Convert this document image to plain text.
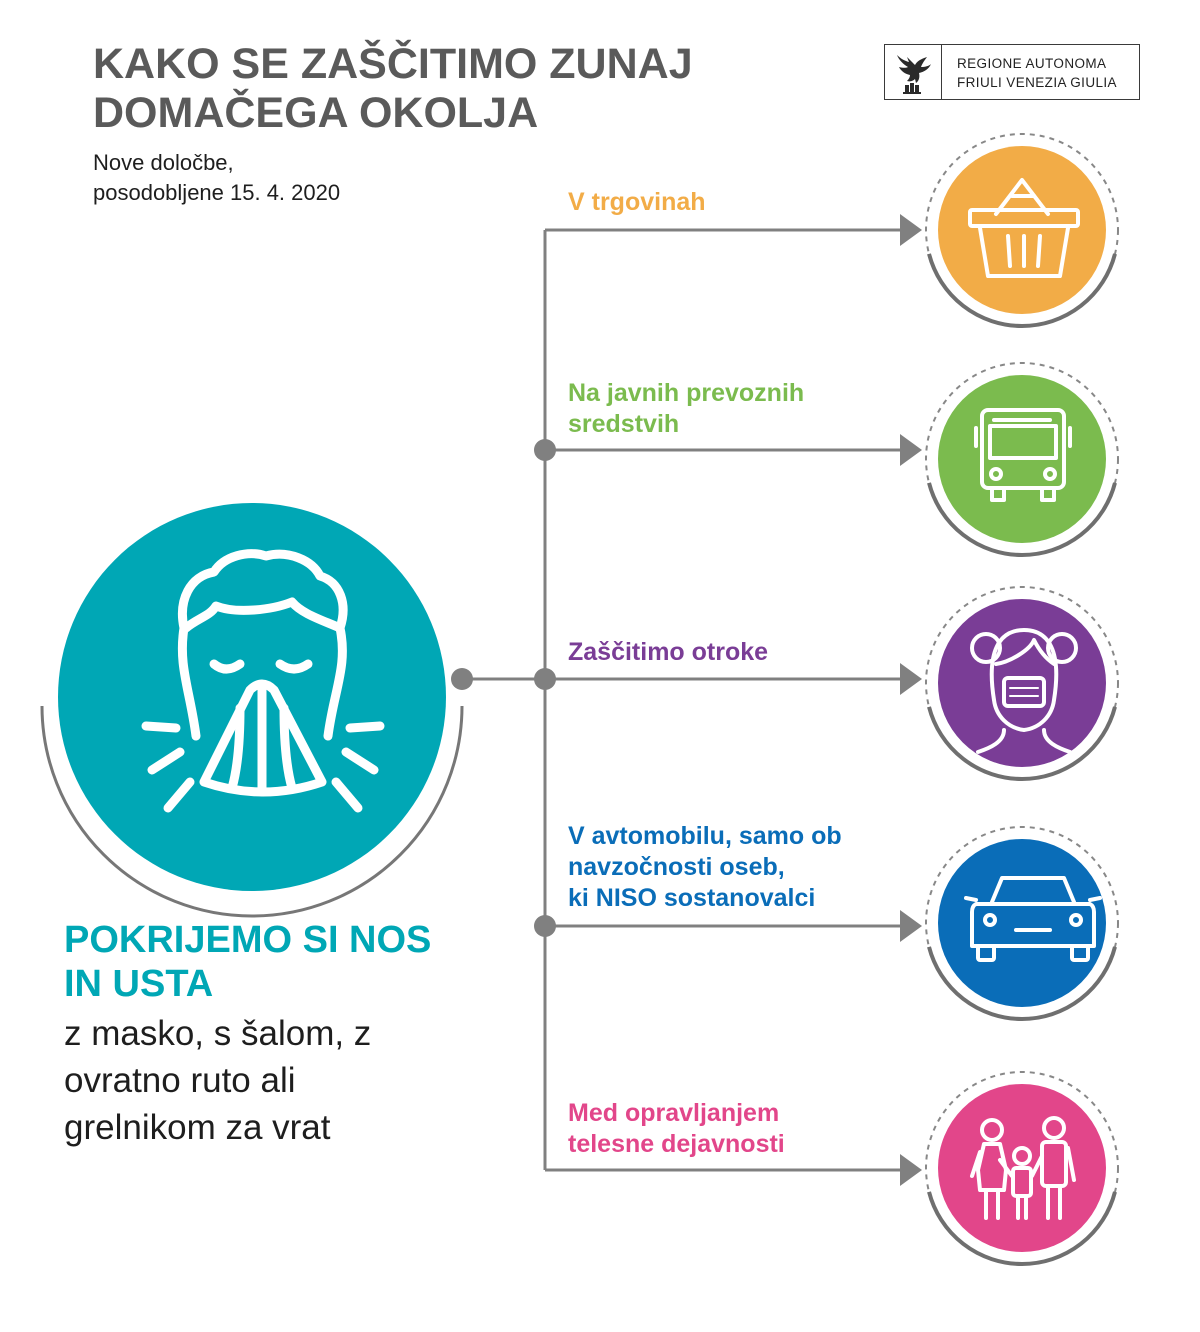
KAKO SE ZAŠČITIMO ZUNAJ
DOMAČEGA OKOLJA
Nove določbe,
posodobljene 15. 4. 2020
REGIONE AUTONOMA
FRIULI VENEZIA GIULIA
V trgovinah
Na javnih prevoznih
sredstvih
Zaščitimo otroke
V avtomobilu, samo ob
navzočnosti oseb,
ki NISO sostanovalci
Med opravljanjem
telesne dejavnosti
POKRIJEMO SI NOS
IN USTA
z masko, s šalom, z
ovratno ruto ali
grelnikom za vrat
